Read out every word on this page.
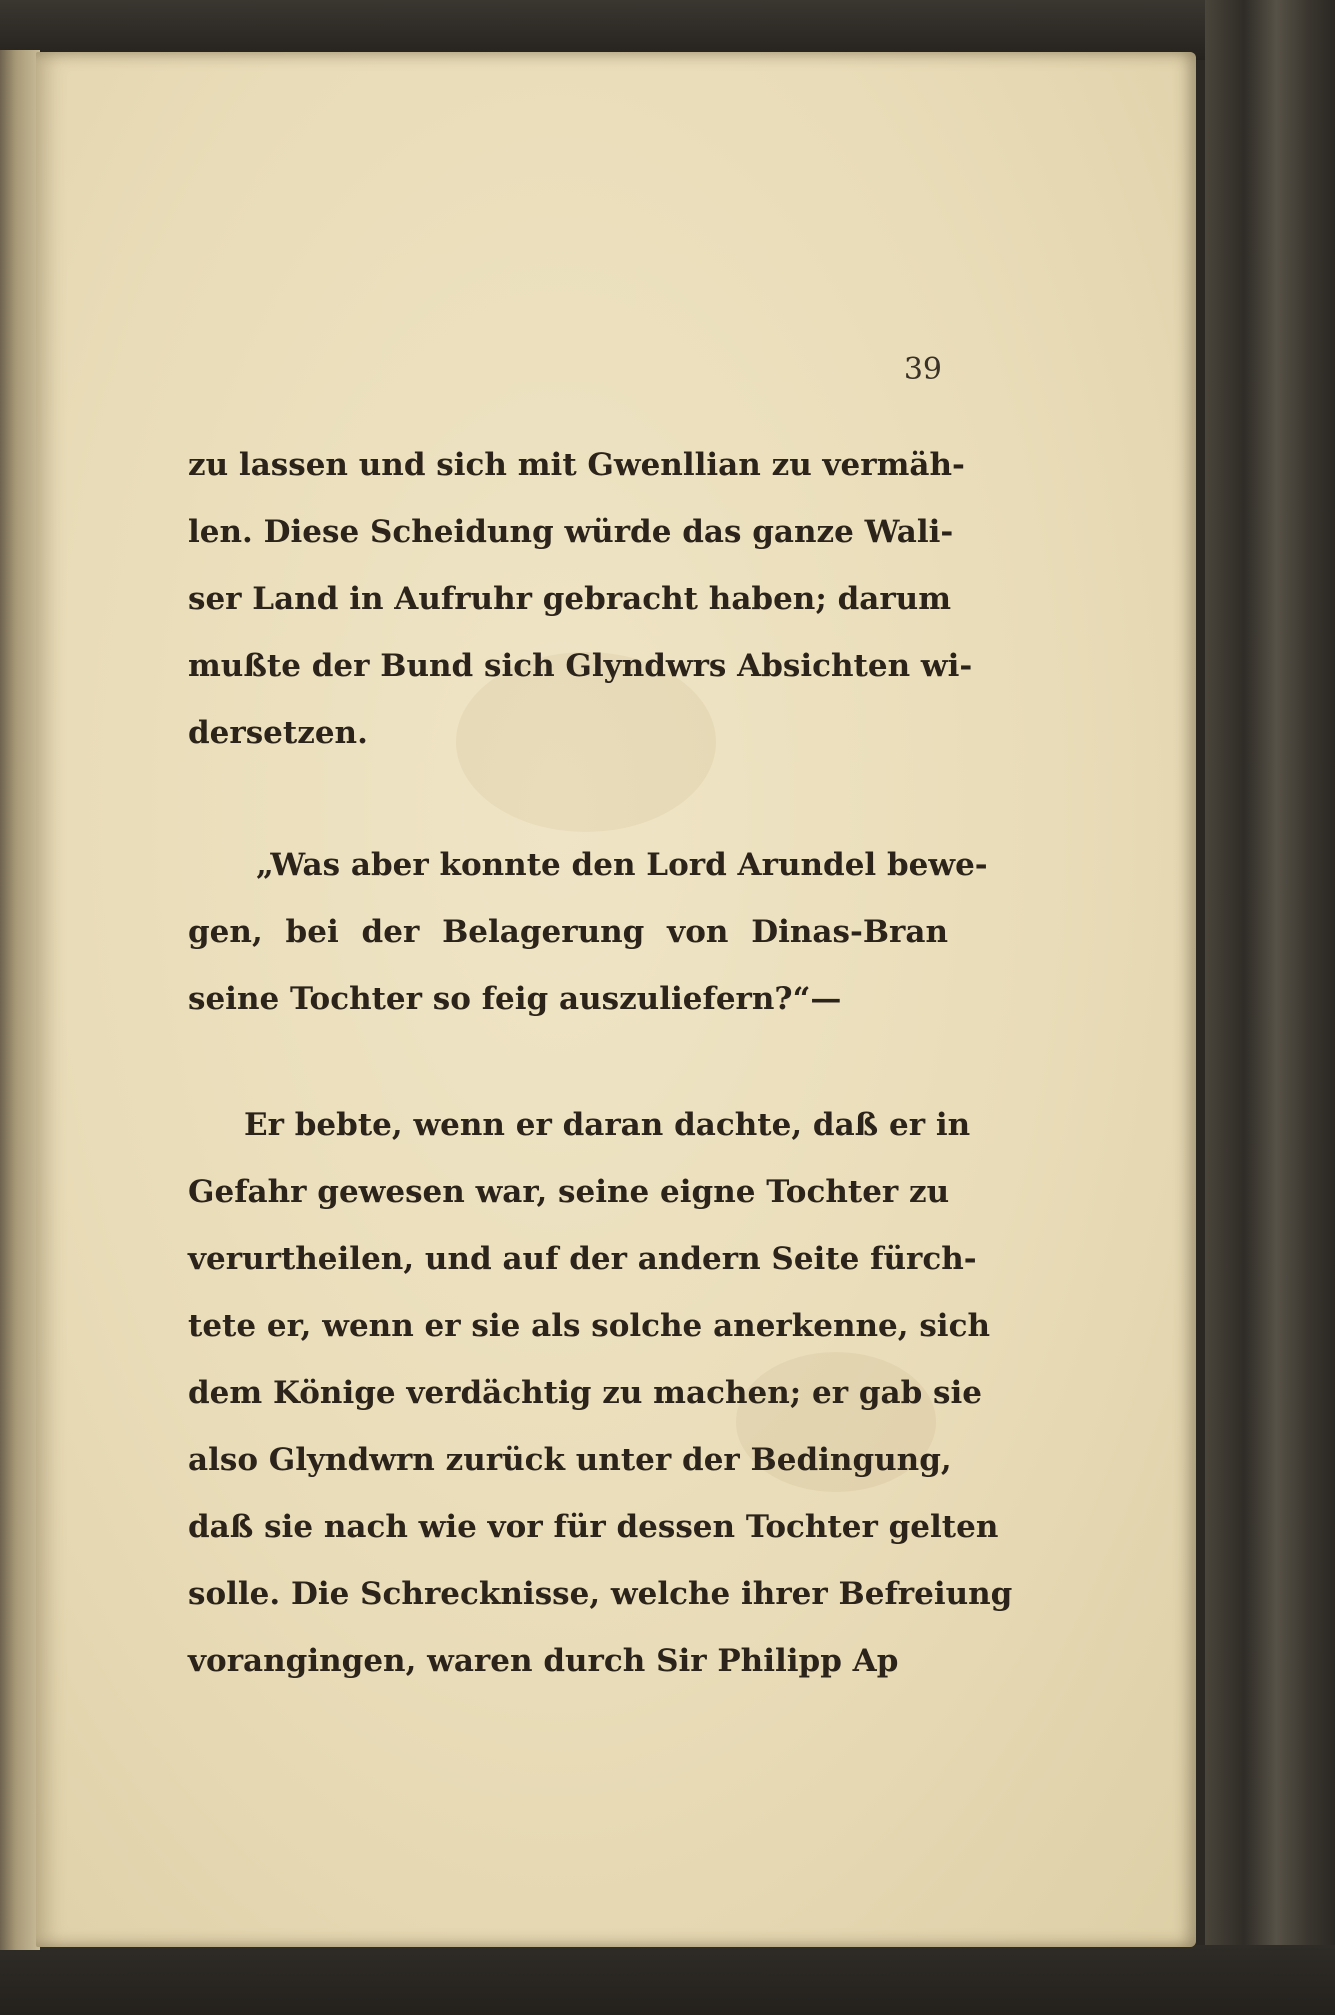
39
zu lassen und sich mit Gwenllian zu vermäh-
len. Diese Scheidung würde das ganze Wali-
ser Land in Aufruhr gebracht haben; darum
mußte der Bund sich Glyndwrs Absichten wi-
dersetzen.
„Was aber konnte den Lord Arundel bewe-
gen, bei der Belagerung von Dinas-Bran
seine Tochter so feig auszuliefern?“—
Er bebte, wenn er daran dachte, daß er in
Gefahr gewesen war, seine eigne Tochter zu
verurtheilen, und auf der andern Seite fürch-
tete er, wenn er sie als solche anerkenne, sich
dem Könige verdächtig zu machen; er gab sie
also Glyndwrn zurück unter der Bedingung,
daß sie nach wie vor für dessen Tochter gelten
solle. Die Schrecknisse, welche ihrer Befreiung
vorangingen, waren durch Sir Philipp Ap
